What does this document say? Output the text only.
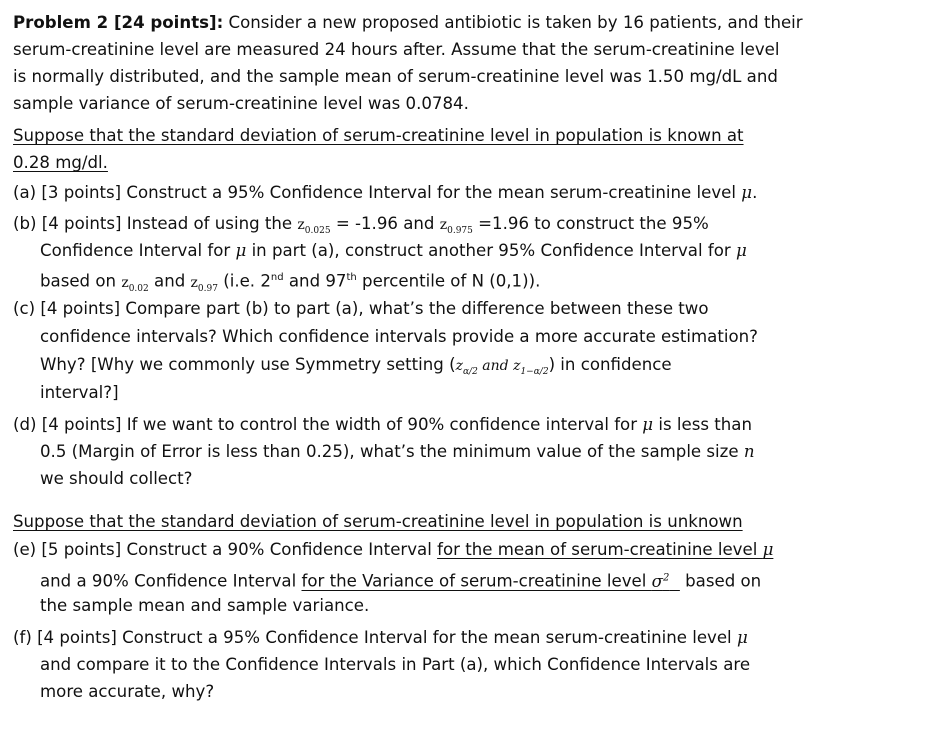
Problem 2 [24 points]: Consider a new proposed antibiotic is taken by 16 patients, and their
serum-creatinine level are measured 24 hours after. Assume that the serum-creatinine level
is normally distributed, and the sample mean of serum-creatinine level was 1.50 mg/dL and
sample variance of serum-creatinine level was 0.0784.
Suppose that the standard deviation of serum-creatinine level in population is known at
0.28 mg/dl.
(a) [3 points] Construct a 95% Confidence Interval for the mean serum-creatinine level μ.
(b) [4 points] Instead of using the $z_{0.025} = -1.96$ and $z_{0.975} =1.96$ to construct the 95%
Confidence Interval for μ in part (a), construct another 95% Confidence Interval for μ
based on $z_{0.02}$ and $z_{0.97}$ (i.e. 2nd and 97th percentile of N (0,1)).
(c) [4 points] Compare part (b) to part (a), what’s the difference between these two
confidence intervals? Which confidence intervals provide a more accurate estimation?
Why? [Why we commonly use Symmetry setting ($z_{\alpha/2}$ and $z_{1-\alpha/2}$) in confidence
interval?]
(d) [4 points] If we want to control the width of 90% confidence interval for μ is less than
0.5 (Margin of Error is less than 0.25), what’s the minimum value of the sample size n
we should collect?
Suppose that the standard deviation of serum-creatinine level in population is unknown
(e) [5 points] Construct a 90% Confidence Interval for the mean of serum-creatinine level μ
and a 90% Confidence Interval for the Variance of serum-creatinine level $\sigma^2$   based on
the sample mean and sample variance.
(f) [4 points] Construct a 95% Confidence Interval for the mean serum-creatinine level μ
and compare it to the Confidence Intervals in Part (a), which Confidence Intervals are
more accurate, why?
